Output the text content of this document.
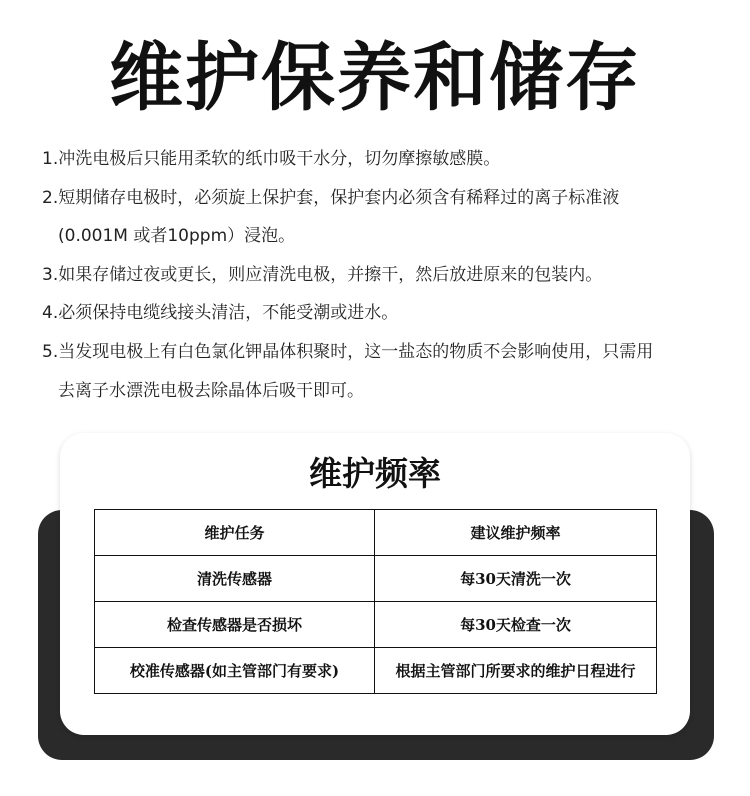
维护保养和储存
1.冲洗电极后只能用柔软的纸巾吸干水分，切勿摩擦敏感膜。
2.短期储存电极时，必须旋上保护套，保护套内必须含有稀释过的离子标准液
(0.001M 或者10ppm）浸泡。
3.如果存储过夜或更长，则应清洗电极，并擦干，然后放进原来的包装内。
4.必须保持电缆线接头清洁，不能受潮或进水。
5.当发现电极上有白色氯化钾晶体积聚时，这一盐态的物质不会影响使用，只需用
去离子水漂洗电极去除晶体后吸干即可。
维护频率
维护任务	建议维护频率
清洗传感器	每30天清洗一次
检查传感器是否损坏	每30天检查一次
校准传感器(如主管部门有要求)	根据主管部门所要求的维护日程进行
